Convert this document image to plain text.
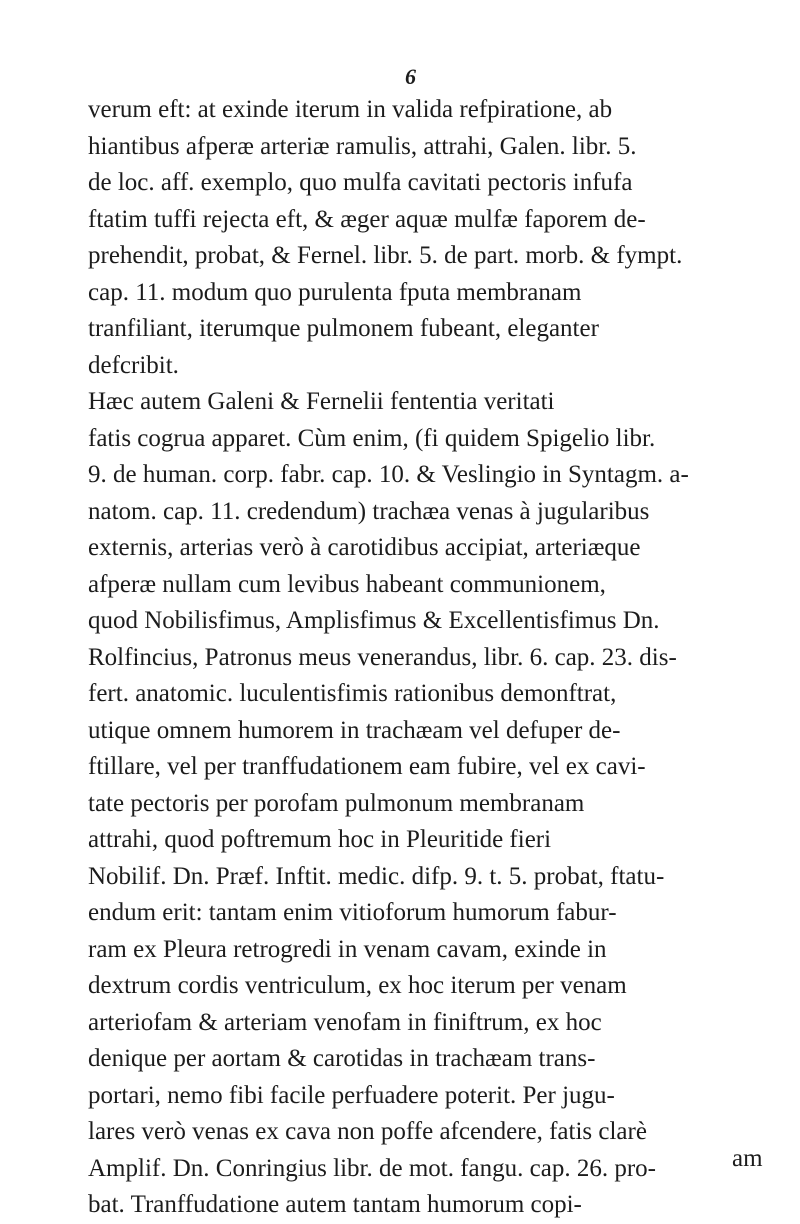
6
verum eft: at exinde iterum in valida refpiratione, ab
hiantibus afperæ arteriæ ramulis, attrahi, Galen. libr. 5.
de loc. aff. exemplo, quo mulfa cavitati pectoris infufa
ftatim tuffi rejecta eft, & æger aquæ mulfæ faporem de-
prehendit, probat, & Fernel. libr. 5. de part. morb. & fympt.
cap. 11. modum quo purulenta fputa membranam
tranfiliant, iterumque pulmonem fubeant, eleganter
defcribit.
Hæc autem Galeni & Fernelii fententia veritati
fatis cogrua apparet. Cùm enim, (fi quidem Spigelio libr.
9. de human. corp. fabr. cap. 10. & Veslingio in Syntagm. a-
natom. cap. 11. credendum) trachæa venas à jugularibus
externis, arterias verò à carotidibus accipiat, arteriæque
afperæ nullam cum levibus habeant communionem,
quod Nobilisfimus, Amplisfimus & Excellentisfimus Dn.
Rolfincius, Patronus meus venerandus, libr. 6. cap. 23. dis-
fert. anatomic. luculentisfimis rationibus demonftrat,
utique omnem humorem in trachæam vel defuper de-
ftillare, vel per tranffudationem eam fubire, vel ex cavi-
tate pectoris per porofam pulmonum membranam
attrahi, quod poftremum hoc in Pleuritide fieri
Nobilif. Dn. Præf. Inftit. medic. difp. 9. t. 5. probat, ftatu-
endum erit: tantam enim vitioforum humorum fabur-
ram ex Pleura retrogredi in venam cavam, exinde in
dextrum cordis ventriculum, ex hoc iterum per venam
arteriofam & arteriam venofam in finiftrum, ex hoc
denique per aortam & carotidas in trachæam trans-
portari, nemo fibi facile perfuadere poterit. Per jugu-
lares verò venas ex cava non poffe afcendere, fatis clarè
Amplif. Dn. Conringius libr. de mot. fangu. cap. 26. pro-
bat. Tranffudatione autem tantam humorum copi-
am
